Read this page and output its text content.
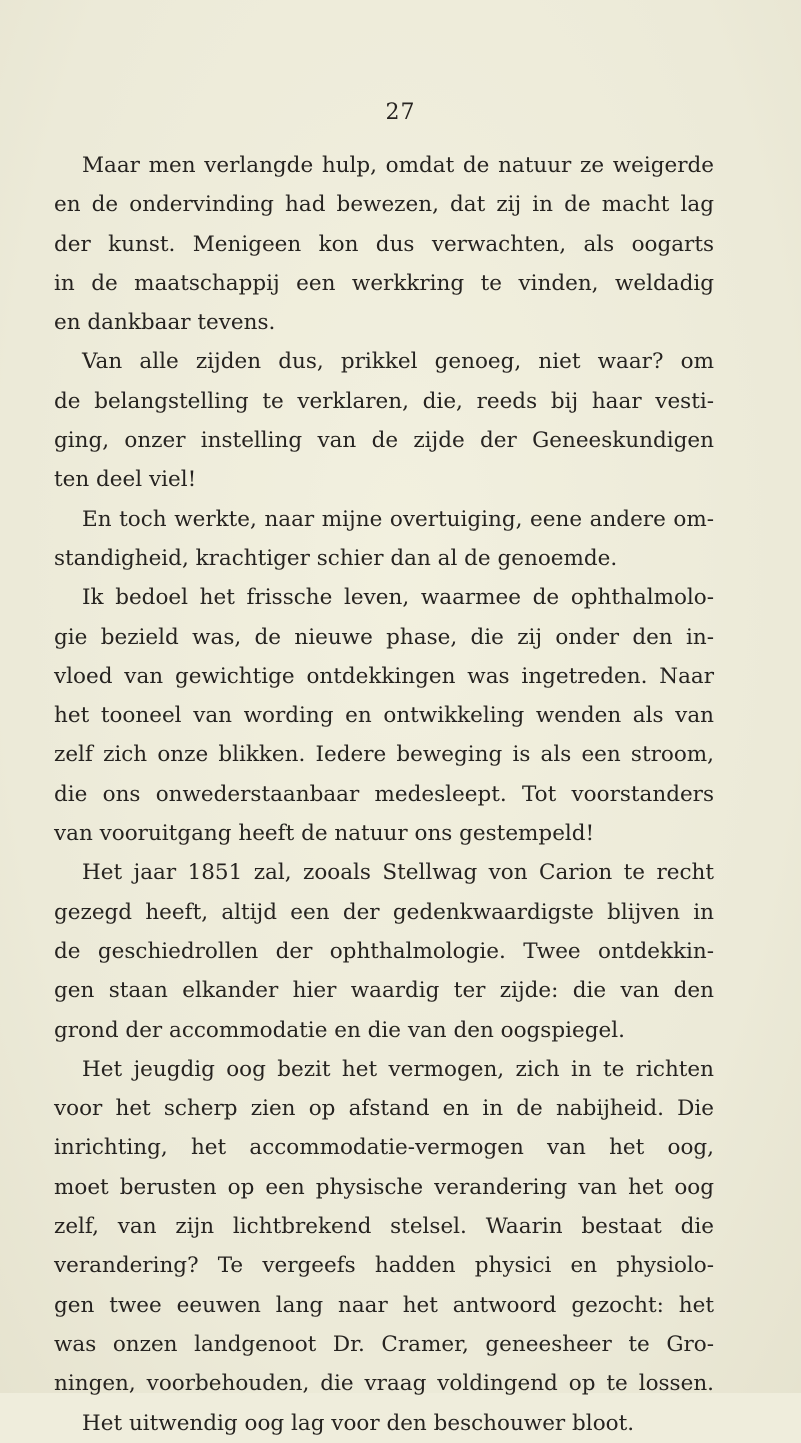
27
Maar men verlangde hulp, omdat de natuur ze weigerde
en de ondervinding had bewezen, dat zij in de macht lag
der kunst. Menigeen kon dus verwachten, als oogarts
in de maatschappij een werkkring te vinden, weldadig
en dankbaar tevens.
Van alle zijden dus, prikkel genoeg, niet waar? om
de belangstelling te verklaren, die, reeds bij haar vesti-
ging, onzer instelling van de zijde der Geneeskundigen
ten deel viel!
En toch werkte, naar mijne overtuiging, eene andere om-
standigheid, krachtiger schier dan al de genoemde.
Ik bedoel het frissche leven, waarmee de ophthalmolo-
gie bezield was, de nieuwe phase, die zij onder den in-
vloed van gewichtige ontdekkingen was ingetreden. Naar
het tooneel van wording en ontwikkeling wenden als van
zelf zich onze blikken. Iedere beweging is als een stroom,
die ons onwederstaanbaar medesleept. Tot voorstanders
van vooruitgang heeft de natuur ons gestempeld!
Het jaar 1851 zal, zooals Stellwag von Carion te recht
gezegd heeft, altijd een der gedenkwaardigste blijven in
de geschiedrollen der ophthalmologie. Twee ontdekkin-
gen staan elkander hier waardig ter zijde: die van den
grond der accommodatie en die van den oogspiegel.
Het jeugdig oog bezit het vermogen, zich in te richten
voor het scherp zien op afstand en in de nabijheid. Die
inrichting, het accommodatie-vermogen van het oog,
moet berusten op een physische verandering van het oog
zelf, van zijn lichtbrekend stelsel. Waarin bestaat die
verandering? Te vergeefs hadden physici en physiolo-
gen twee eeuwen lang naar het antwoord gezocht: het
was onzen landgenoot Dr. Cramer, geneesheer te Gro-
ningen, voorbehouden, die vraag voldingend op te lossen.
Het uitwendig oog lag voor den beschouwer bloot.
